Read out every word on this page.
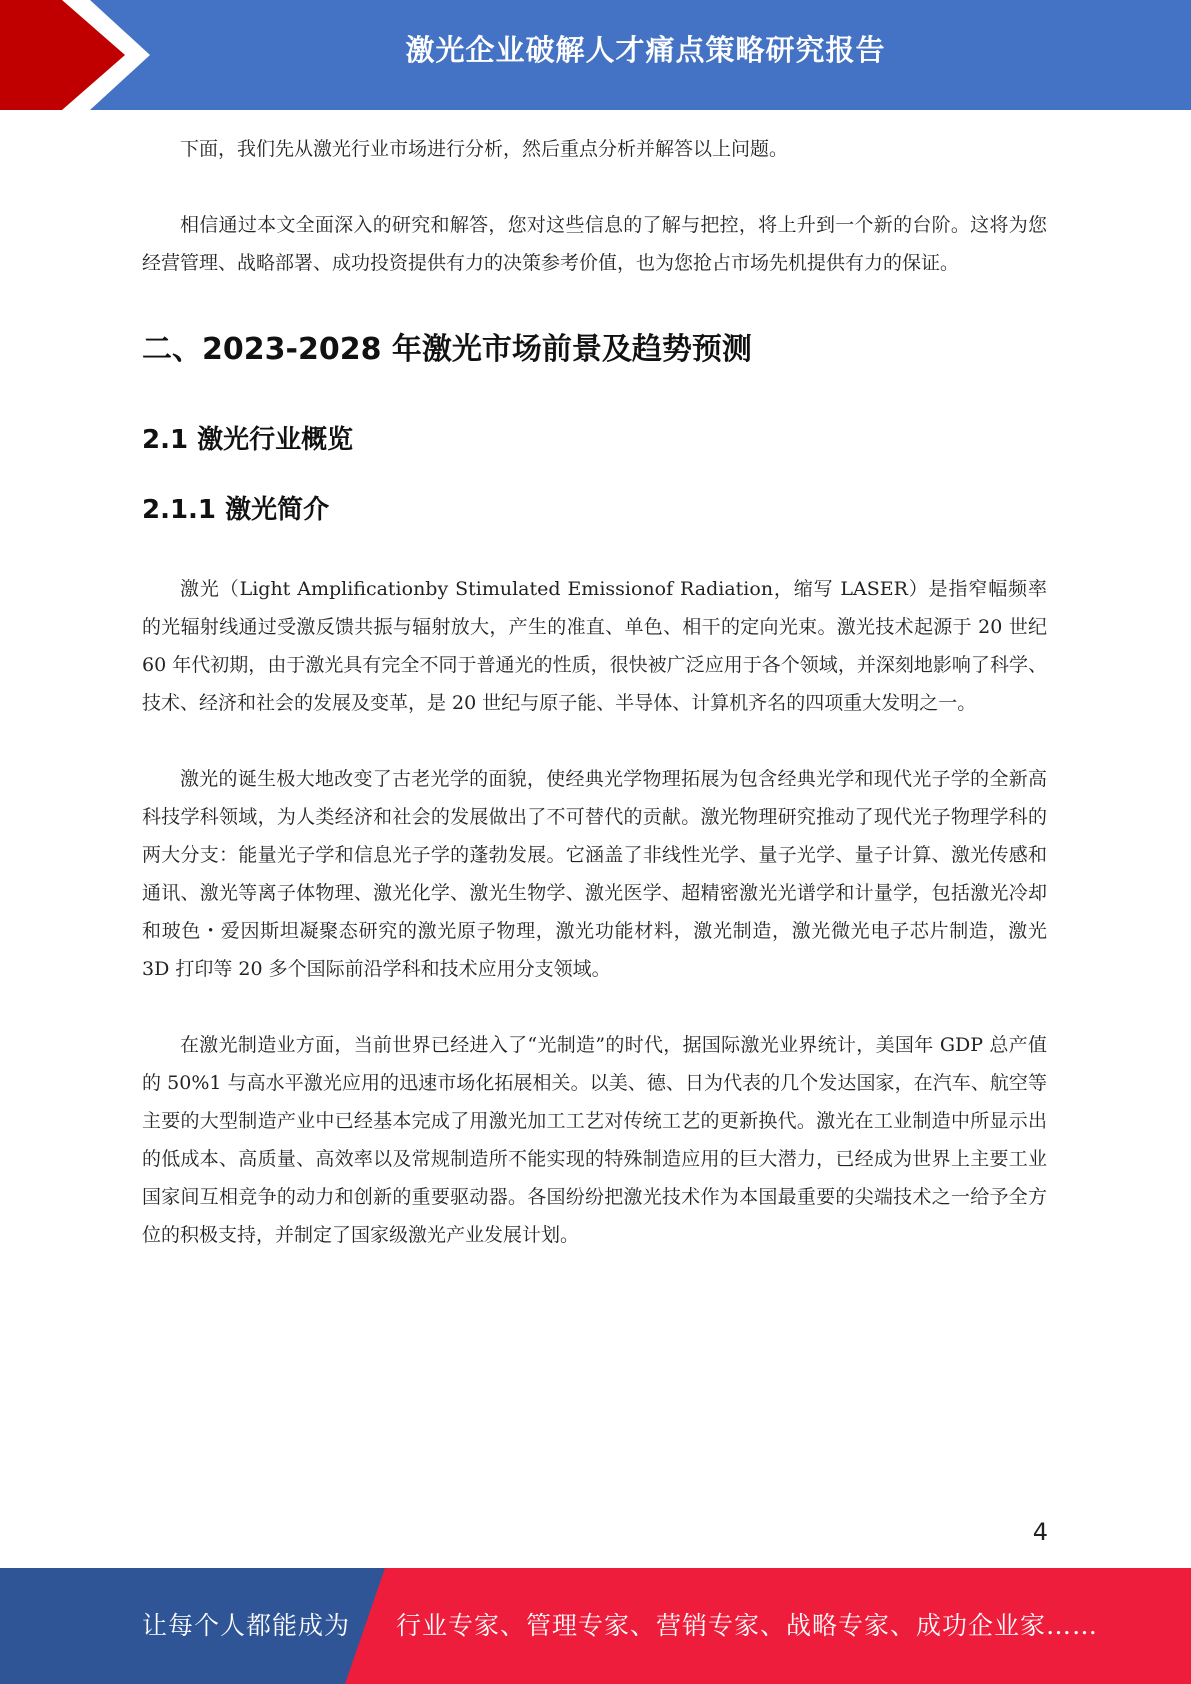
激光企业破解人才痛点策略研究报告

下面，我们先从激光行业市场进行分析，然后重点分析并解答以上问题。

相信通过本文全面深入的研究和解答，您对这些信息的了解与把控，将上升到一个新的台阶。这将为您经营管理、战略部署、成功投资提供有力的决策参考价值，也为您抢占市场先机提供有力的保证。

二、2023-2028 年激光市场前景及趋势预测
2.1 激光行业概览
2.1.1 激光简介

激光（Light Amplificationby Stimulated Emissionof Radiation，缩写 LASER）是指窄幅频率的光辐射线通过受激反馈共振与辐射放大，产生的准直、单色、相干的定向光束。激光技术起源于 20 世纪 60 年代初期，由于激光具有完全不同于普通光的性质，很快被广泛应用于各个领域，并深刻地影响了科学、技术、经济和社会的发展及变革，是 20 世纪与原子能、半导体、计算机齐名的四项重大发明之一。

激光的诞生极大地改变了古老光学的面貌，使经典光学物理拓展为包含经典光学和现代光子学的全新高科技学科领域，为人类经济和社会的发展做出了不可替代的贡献。激光物理研究推动了现代光子物理学科的两大分支：能量光子学和信息光子学的蓬勃发展。它涵盖了非线性光学、量子光学、量子计算、激光传感和通讯、激光等离子体物理、激光化学、激光生物学、激光医学、超精密激光光谱学和计量学，包括激光冷却和玻色・爱因斯坦凝聚态研究的激光原子物理，激光功能材料，激光制造，激光微光电子芯片制造，激光 3D 打印等 20 多个国际前沿学科和技术应用分支领域。

在激光制造业方面，当前世界已经进入了“光制造”的时代，据国际激光业界统计，美国年 GDP 总产值的 50%1 与高水平激光应用的迅速市场化拓展相关。以美、德、日为代表的几个发达国家，在汽车、航空等主要的大型制造产业中已经基本完成了用激光加工工艺对传统工艺的更新换代。激光在工业制造中所显示出的低成本、高质量、高效率以及常规制造所不能实现的特殊制造应用的巨大潜力，已经成为世界上主要工业国家间互相竞争的动力和创新的重要驱动器。各国纷纷把激光技术作为本国最重要的尖端技术之一给予全方位的积极支持，并制定了国家级激光产业发展计划。

4
让每个人都能成为 行业专家、管理专家、营销专家、战略专家、成功企业家……
